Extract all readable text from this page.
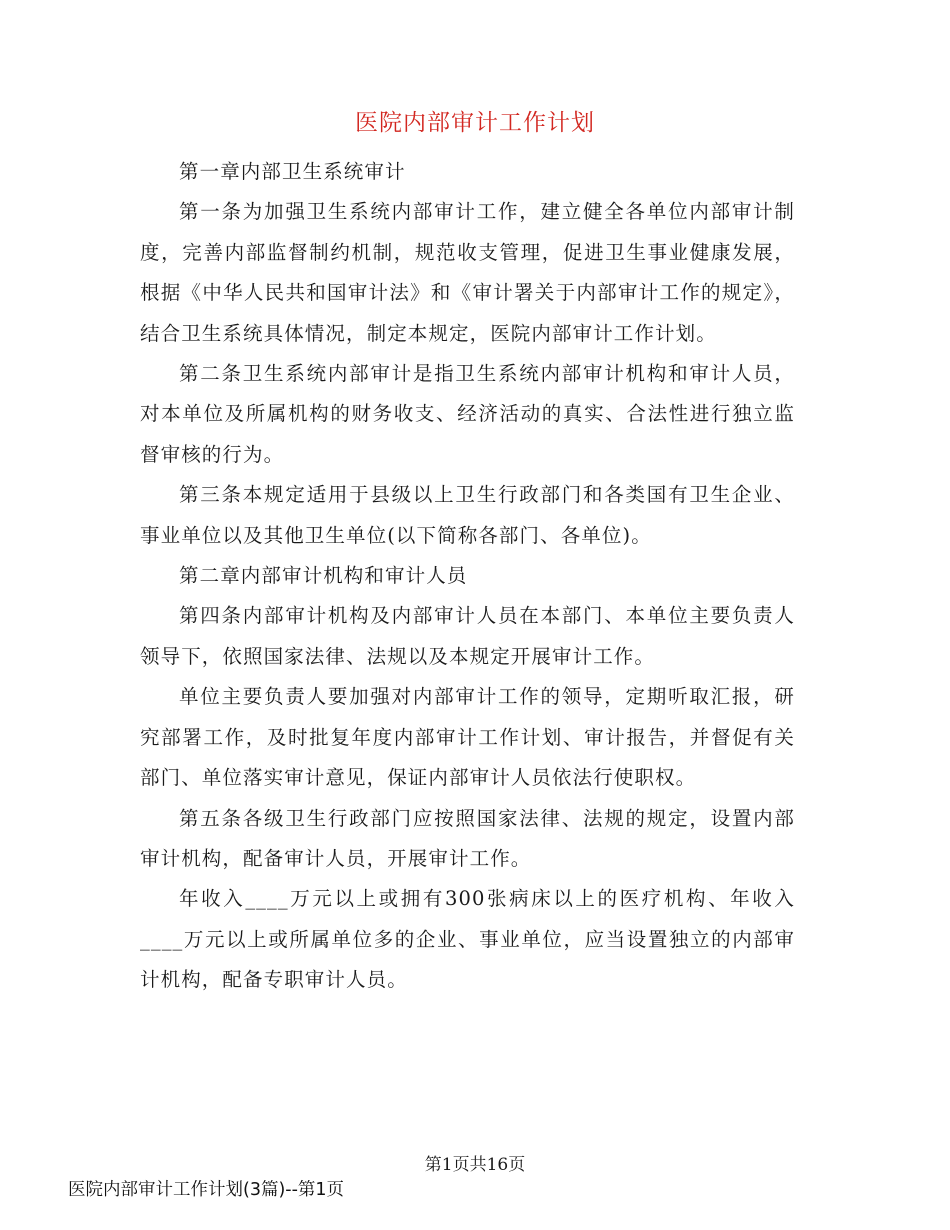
医院内部审计工作计划

第一章内部卫生系统审计

第一条为加强卫生系统内部审计工作，建立健全各单位内部审计制度，完善内部监督制约机制，规范收支管理，促进卫生事业健康发展，根据《中华人民共和国审计法》和《审计署关于内部审计工作的规定》，结合卫生系统具体情况，制定本规定，医院内部审计工作计划。

第二条卫生系统内部审计是指卫生系统内部审计机构和审计人员，对本单位及所属机构的财务收支、经济活动的真实、合法性进行独立监督审核的行为。

第三条本规定适用于县级以上卫生行政部门和各类国有卫生企业、事业单位以及其他卫生单位(以下简称各部门、各单位)。

第二章内部审计机构和审计人员

第四条内部审计机构及内部审计人员在本部门、本单位主要负责人领导下，依照国家法律、法规以及本规定开展审计工作。

单位主要负责人要加强对内部审计工作的领导，定期听取汇报，研究部署工作，及时批复年度内部审计工作计划、审计报告，并督促有关部门、单位落实审计意见，保证内部审计人员依法行使职权。

第五条各级卫生行政部门应按照国家法律、法规的规定，设置内部审计机构，配备审计人员，开展审计工作。

年收入____万元以上或拥有300张病床以上的医疗机构、年收入____万元以上或所属单位多的企业、事业单位，应当设置独立的内部审计机构，配备专职审计人员。

第1页共16页
医院内部审计工作计划(3篇)--第1页
